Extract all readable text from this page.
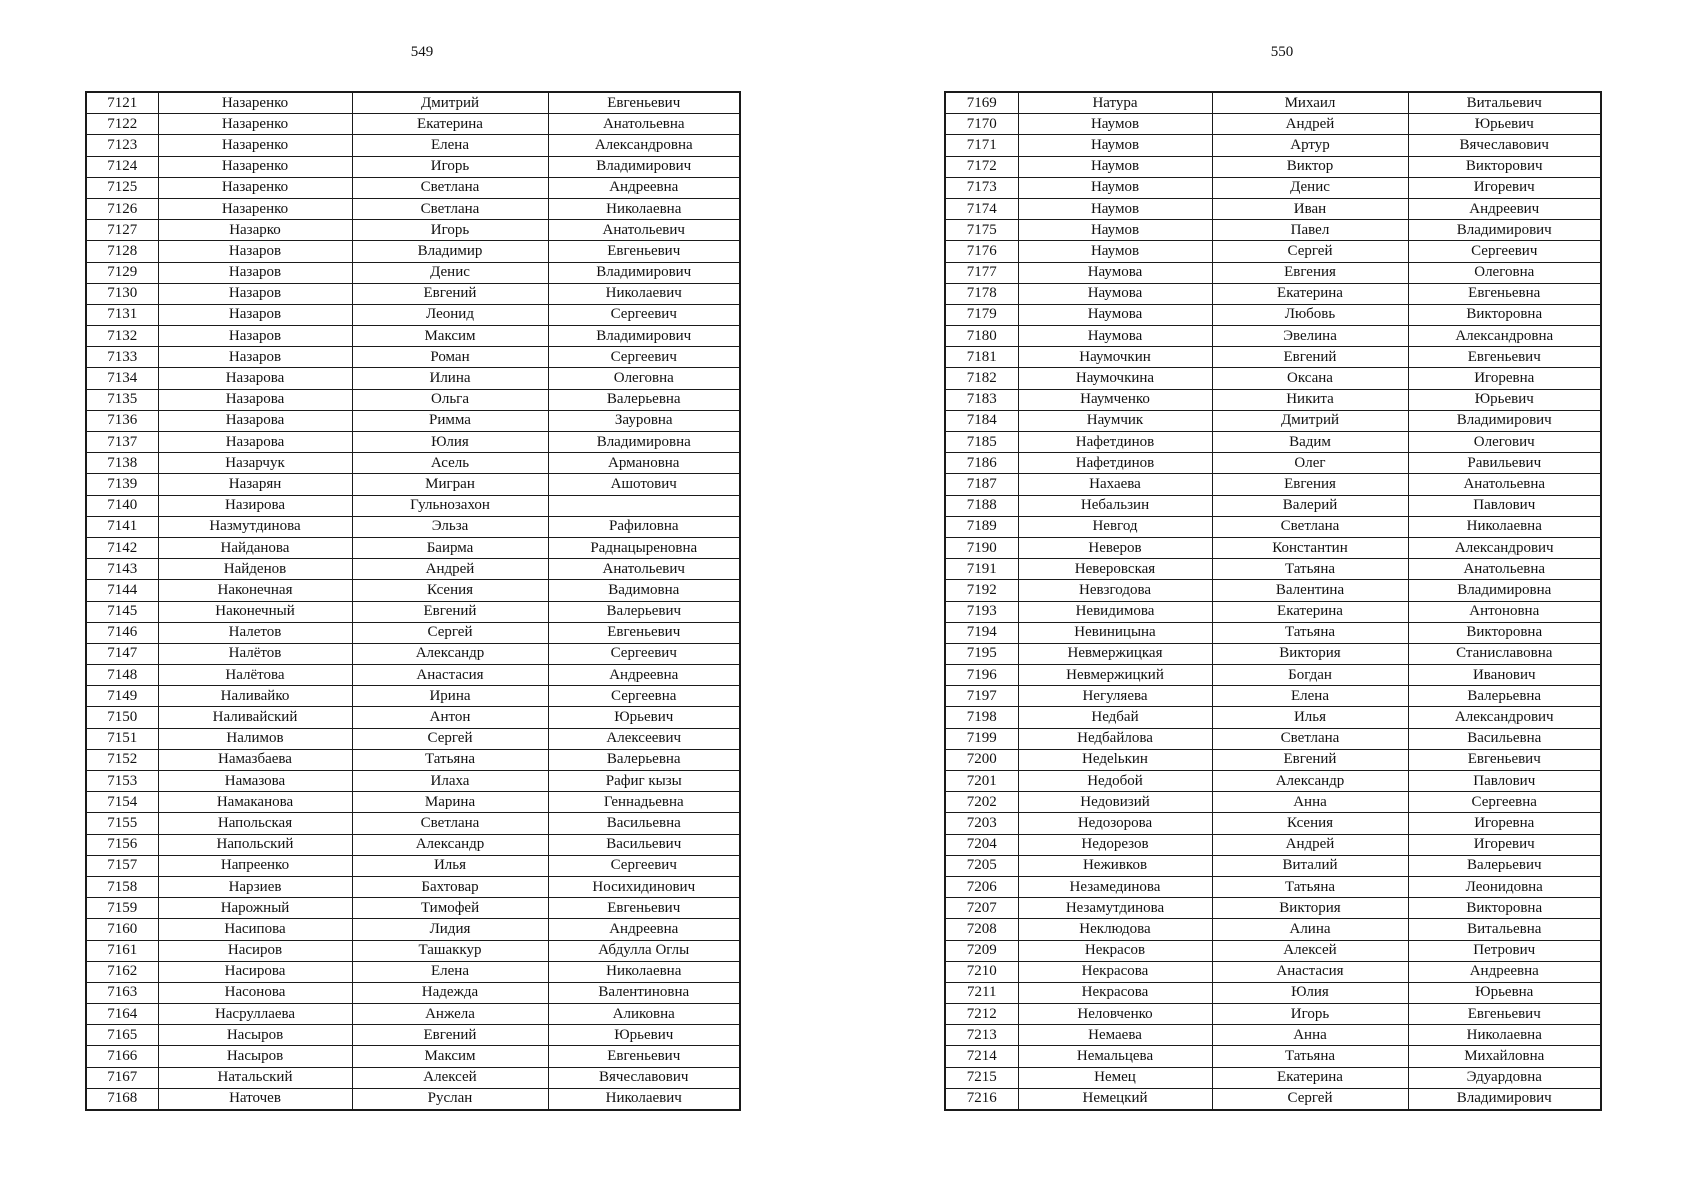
549	550
7121	Назаренко	Дмитрий	Евгеньевич
7122	Назаренко	Екатерина	Анатольевна
7123	Назаренко	Елена	Александровна
7124	Назаренко	Игорь	Владимирович
7125	Назаренко	Светлана	Андреевна
7126	Назаренко	Светлана	Николаевна
7127	Назарко	Игорь	Анатольевич
7128	Назаров	Владимир	Евгеньевич
7129	Назаров	Денис	Владимирович
7130	Назаров	Евгений	Николаевич
7131	Назаров	Леонид	Сергеевич
7132	Назаров	Максим	Владимирович
7133	Назаров	Роман	Сергеевич
7134	Назарова	Илина	Олеговна
7135	Назарова	Ольга	Валерьевна
7136	Назарова	Римма	Зауровна
7137	Назарова	Юлия	Владимировна
7138	Назарчук	Асель	Армановна
7139	Назарян	Мигран	Ашотович
7140	Назирова	Гульнозахон	
7141	Назмутдинова	Эльза	Рафиловна
7142	Найданова	Баирма	Раднацыреновна
7143	Найденов	Андрей	Анатольевич
7144	Наконечная	Ксения	Вадимовна
7145	Наконечный	Евгений	Валерьевич
7146	Налетов	Сергей	Евгеньевич
7147	Налётов	Александр	Сергеевич
7148	Налётова	Анастасия	Андреевна
7149	Наливайко	Ирина	Сергеевна
7150	Наливайский	Антон	Юрьевич
7151	Налимов	Сергей	Алексеевич
7152	Намазбаева	Татьяна	Валерьевна
7153	Намазова	Илаха	Рафиг кызы
7154	Намаканова	Марина	Геннадьевна
7155	Напольская	Светлана	Васильевна
7156	Напольский	Александр	Васильевич
7157	Напреенко	Илья	Сергеевич
7158	Нарзиев	Бахтовар	Носихидинович
7159	Нарожный	Тимофей	Евгеньевич
7160	Насипова	Лидия	Андреевна
7161	Насиров	Ташаккур	Абдулла Оглы
7162	Насирова	Елена	Николаевна
7163	Насонова	Надежда	Валентиновна
7164	Насруллаева	Анжела	Аликовна
7165	Насыров	Евгений	Юрьевич
7166	Насыров	Максим	Евгеньевич
7167	Натальский	Алексей	Вячеславович
7168	Наточев	Руслан	Николаевич
7169	Натура	Михаил	Витальевич
7170	Наумов	Андрей	Юрьевич
7171	Наумов	Артур	Вячеславович
7172	Наумов	Виктор	Викторович
7173	Наумов	Денис	Игоревич
7174	Наумов	Иван	Андреевич
7175	Наумов	Павел	Владимирович
7176	Наумов	Сергей	Сергеевич
7177	Наумова	Евгения	Олеговна
7178	Наумова	Екатерина	Евгеньевна
7179	Наумова	Любовь	Викторовна
7180	Наумова	Эвелина	Александровна
7181	Наумочкин	Евгений	Евгеньевич
7182	Наумочкина	Оксана	Игоревна
7183	Наумченко	Никита	Юрьевич
7184	Наумчик	Дмитрий	Владимирович
7185	Нафетдинов	Вадим	Олегович
7186	Нафетдинов	Олег	Равильевич
7187	Нахаева	Евгения	Анатольевна
7188	Небальзин	Валерий	Павлович
7189	Невгод	Светлана	Николаевна
7190	Неверов	Константин	Александрович
7191	Неверовская	Татьяна	Анатольевна
7192	Невзгодова	Валентина	Владимировна
7193	Невидимова	Екатерина	Антоновна
7194	Невиницына	Татьяна	Викторовна
7195	Невмержицкая	Виктория	Станиславовна
7196	Невмержицкий	Богдан	Иванович
7197	Негуляева	Елена	Валерьевна
7198	Недбай	Илья	Александрович
7199	Недбайлова	Светлана	Васильевна
7200	Недelькин	Евгений	Евгеньевич
7201	Недобой	Александр	Павлович
7202	Недовизий	Анна	Сергеевна
7203	Недозорова	Ксения	Игоревна
7204	Недорезов	Андрей	Игоревич
7205	Неживков	Виталий	Валерьевич
7206	Незамединова	Татьяна	Леонидовна
7207	Незамутдинова	Виктория	Викторовна
7208	Неклюдова	Алина	Витальевна
7209	Некрасов	Алексей	Петрович
7210	Некрасова	Анастасия	Андреевна
7211	Некрасова	Юлия	Юрьевна
7212	Неловченко	Игорь	Евгеньевич
7213	Немаева	Анна	Николаевна
7214	Немальцева	Татьяна	Михайловна
7215	Немец	Екатерина	Эдуардовна
7216	Немецкий	Сергей	Владимирович
